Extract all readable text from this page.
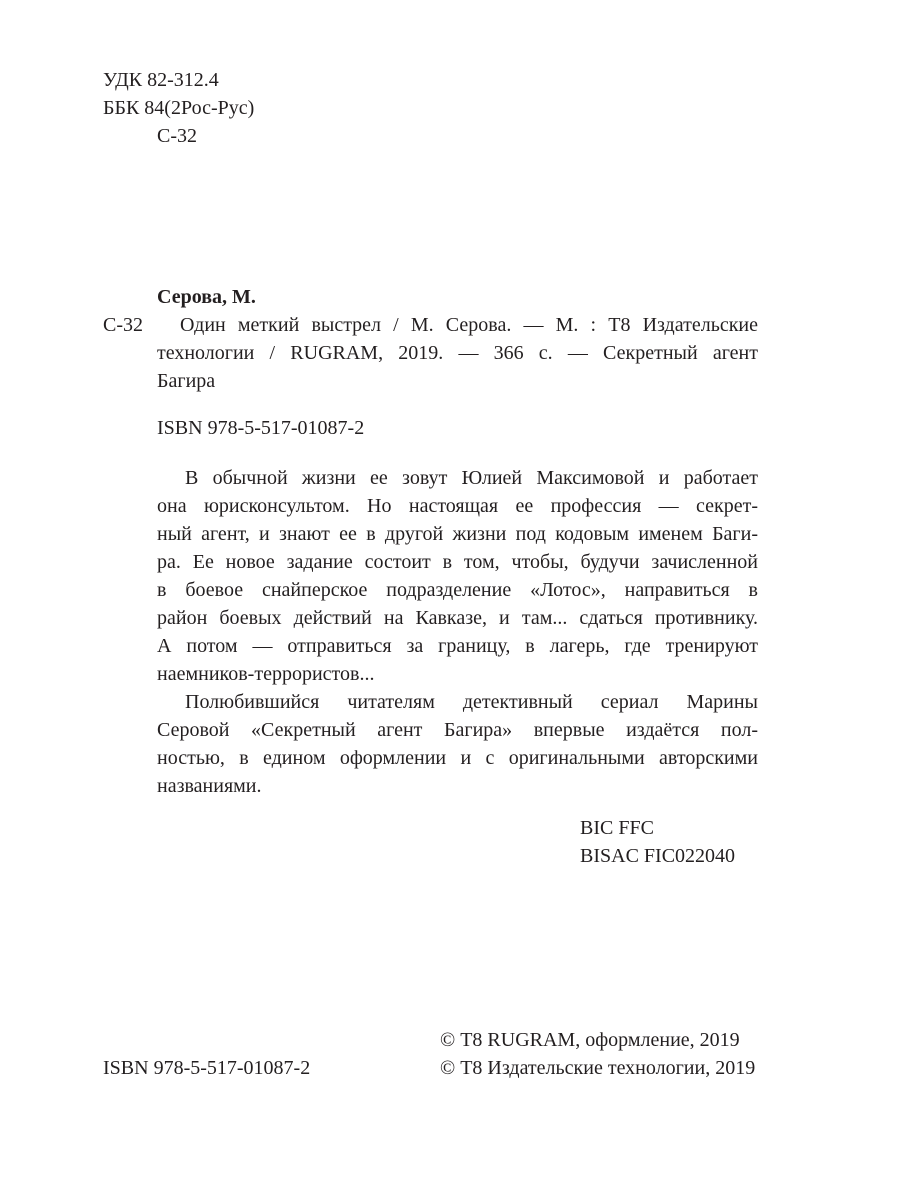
УДК 82-312.4
ББК 84(2Рос-Рус)
С-32
Серова, М.
С-32 Один меткий выстрел / М. Серова. — М. : Т8 Издательские
технологии / RUGRAM, 2019. — 366 с. — Секретный агент
Багира
ISBN 978-5-517-01087-2
В обычной жизни ее зовут Юлией Максимовой и работает
она юрисконсультом. Но настоящая ее профессия — секрет-
ный агент, и знают ее в другой жизни под кодовым именем Баги-
ра. Ее новое задание состоит в том, чтобы, будучи зачисленной
в боевое снайперское подразделение «Лотос», направиться в
район боевых действий на Кавказе, и там... сдаться противнику.
А потом — отправиться за границу, в лагерь, где тренируют
наемников-террористов...
Полюбившийся читателям детективный сериал Марины
Серовой «Секретный агент Багира» впервые издаётся пол-
ностью, в едином оформлении и с оригинальными авторскими
названиями.
BIC FFC
BISAC FIC022040
© Т8 RUGRAM, оформление, 2019
ISBN 978-5-517-01087-2	© Т8 Издательские технологии, 2019
